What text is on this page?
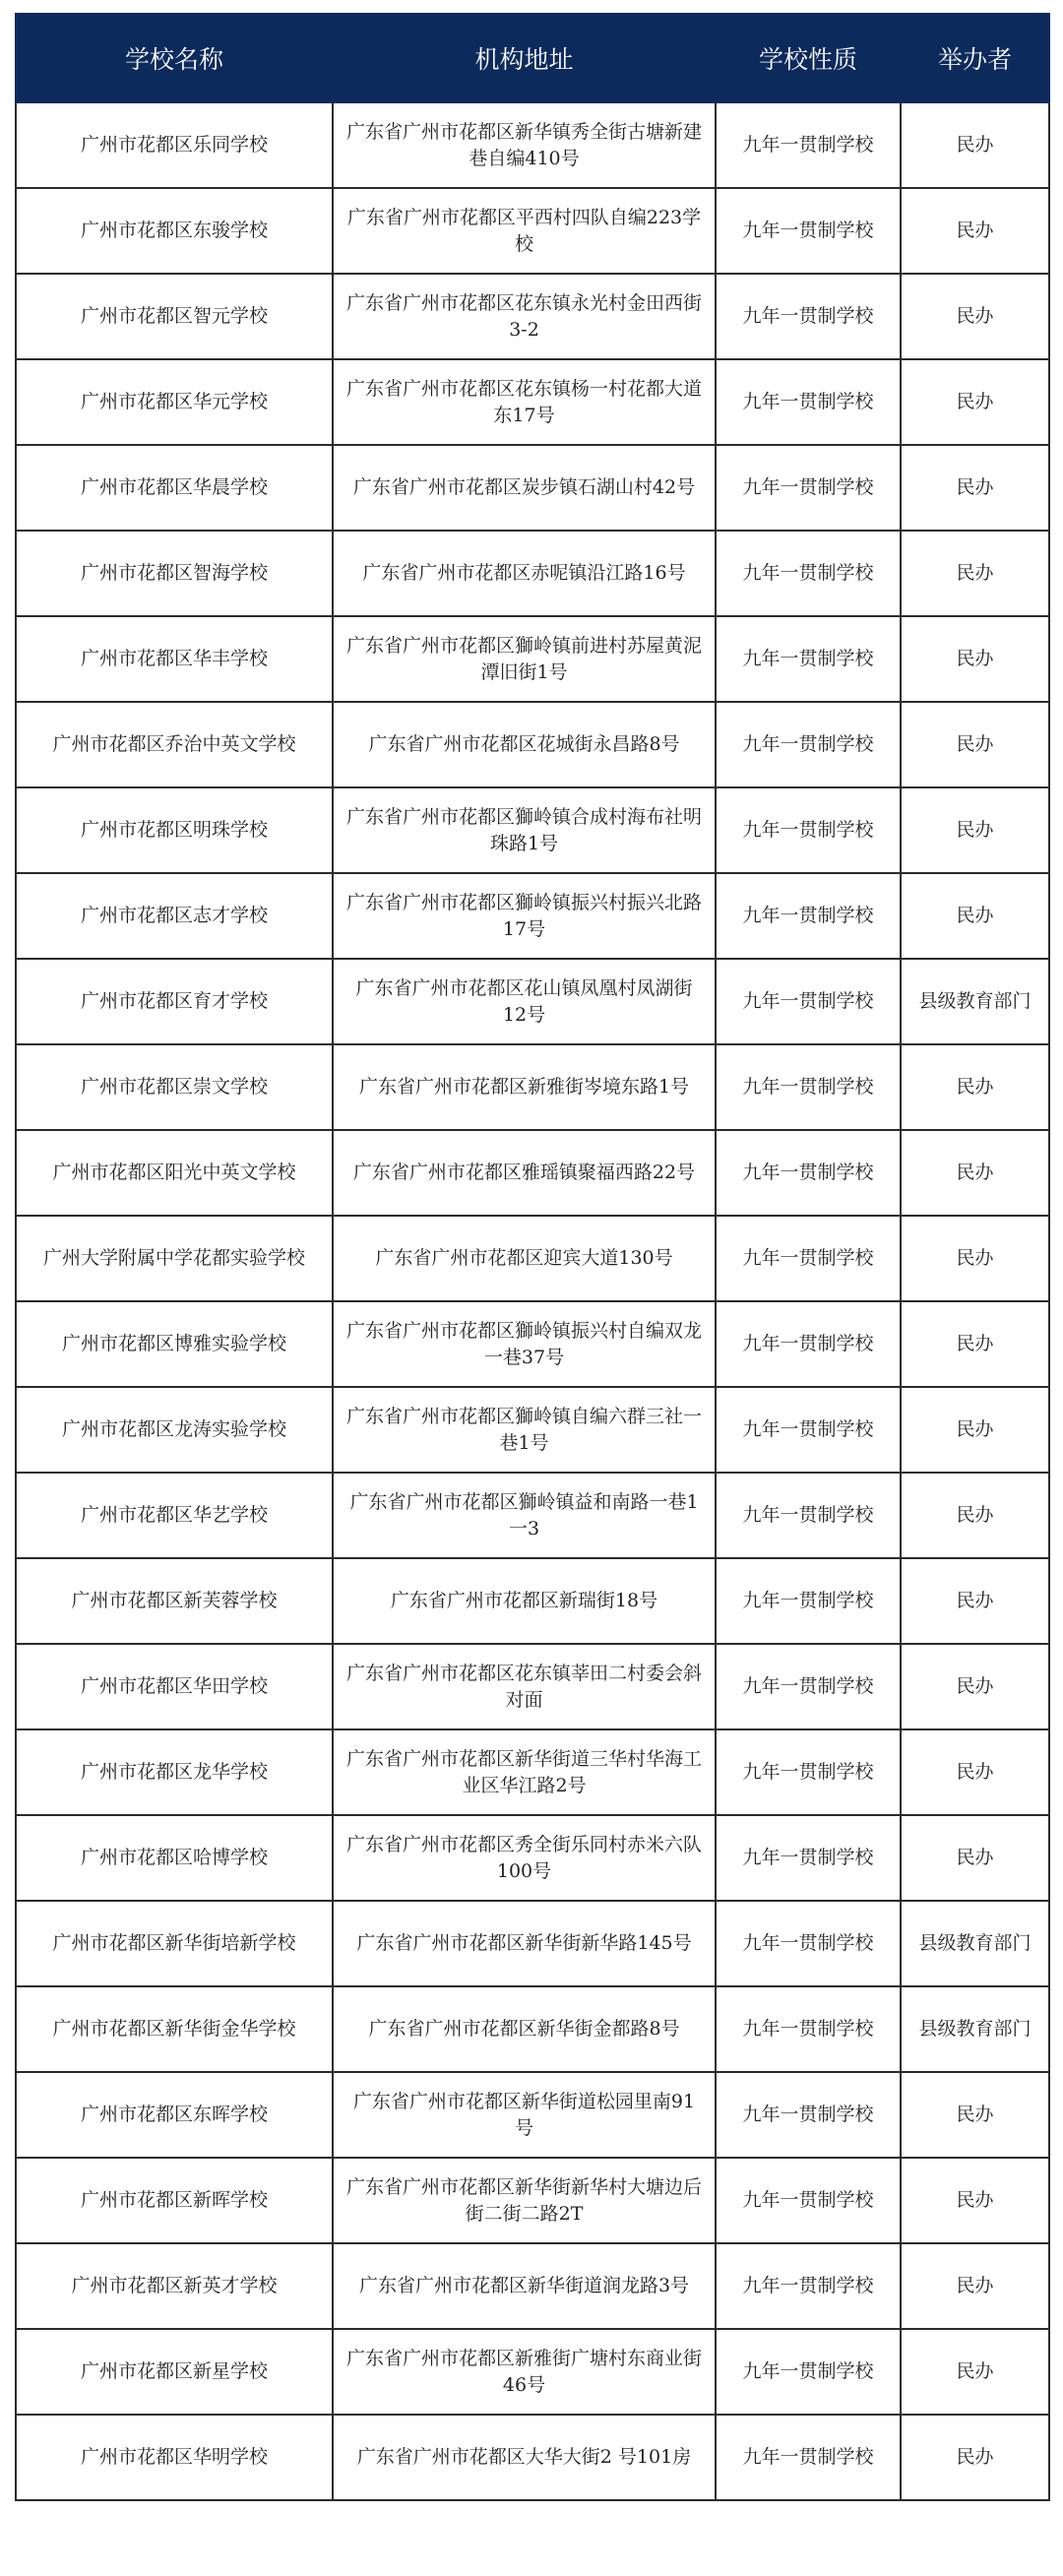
学校名称	机构地址	学校性质	举办者
广州市花都区乐同学校	广东省广州市花都区新华镇秀全街古塘新建巷自编410号	九年一贯制学校	民办
广州市花都区东骏学校	广东省广州市花都区平西村四队自编223学校	九年一贯制学校	民办
广州市花都区智元学校	广东省广州市花都区花东镇永光村金田西街3-2	九年一贯制学校	民办
广州市花都区华元学校	广东省广州市花都区花东镇杨一村花都大道东17号	九年一贯制学校	民办
广州市花都区华晨学校	广东省广州市花都区炭步镇石湖山村42号	九年一贯制学校	民办
广州市花都区智海学校	广东省广州市花都区赤呢镇沿江路16号	九年一贯制学校	民办
广州市花都区华丰学校	广东省广州市花都区獅岭镇前进村苏屋黄泥潭旧街1号	九年一贯制学校	民办
广州市花都区乔治中英文学校	广东省广州市花都区花城街永昌路8号	九年一贯制学校	民办
广州市花都区明珠学校	广东省广州市花都区獅岭镇合成村海布社明珠路1号	九年一贯制学校	民办
广州市花都区志才学校	广东省广州市花都区獅岭镇振兴村振兴北路17号	九年一贯制学校	民办
广州市花都区育才学校	广东省广州市花都区花山镇凤凰村凤湖街12号	九年一贯制学校	县级教育部门
广州市花都区崇文学校	广东省广州市花都区新雅街岑境东路1号	九年一贯制学校	民办
广州市花都区阳光中英文学校	广东省广州市花都区雅瑶镇聚福西路22号	九年一贯制学校	民办
广州大学附属中学花都实验学校	广东省广州市花都区迎宾大道130号	九年一贯制学校	民办
广州市花都区博雅实验学校	广东省广州市花都区獅岭镇振兴村自编双龙一巷37号	九年一贯制学校	民办
广州市花都区龙涛实验学校	广东省广州市花都区獅岭镇自编六群三社一巷1号	九年一贯制学校	民办
广州市花都区华艺学校	广东省广州市花都区獅岭镇益和南路一巷1一3	九年一贯制学校	民办
广州市花都区新芙蓉学校	广东省广州市花都区新瑞街18号	九年一贯制学校	民办
广州市花都区华田学校	广东省广州市花都区花东镇莘田二村委会斜对面	九年一贯制学校	民办
广州市花都区龙华学校	广东省广州市花都区新华街道三华村华海工业区华江路2号	九年一贯制学校	民办
广州市花都区哈博学校	广东省广州市花都区秀全街乐同村赤米六队100号	九年一贯制学校	民办
广州市花都区新华街培新学校	广东省广州市花都区新华街新华路145号	九年一贯制学校	县级教育部门
广州市花都区新华街金华学校	广东省广州市花都区新华街金都路8号	九年一贯制学校	县级教育部门
广州市花都区东晖学校	广东省广州市花都区新华街道松园里南91号	九年一贯制学校	民办
广州市花都区新晖学校	广东省广州市花都区新华街新华村大塘边后街二街二路2T	九年一贯制学校	民办
广州市花都区新英才学校	广东省广州市花都区新华街道润龙路3号	九年一贯制学校	民办
广州市花都区新星学校	广东省广州市花都区新雅街广塘村东商业街46号	九年一贯制学校	民办
广州市花都区华明学校	广东省广州市花都区大华大街2 号101房	九年一贯制学校	民办
